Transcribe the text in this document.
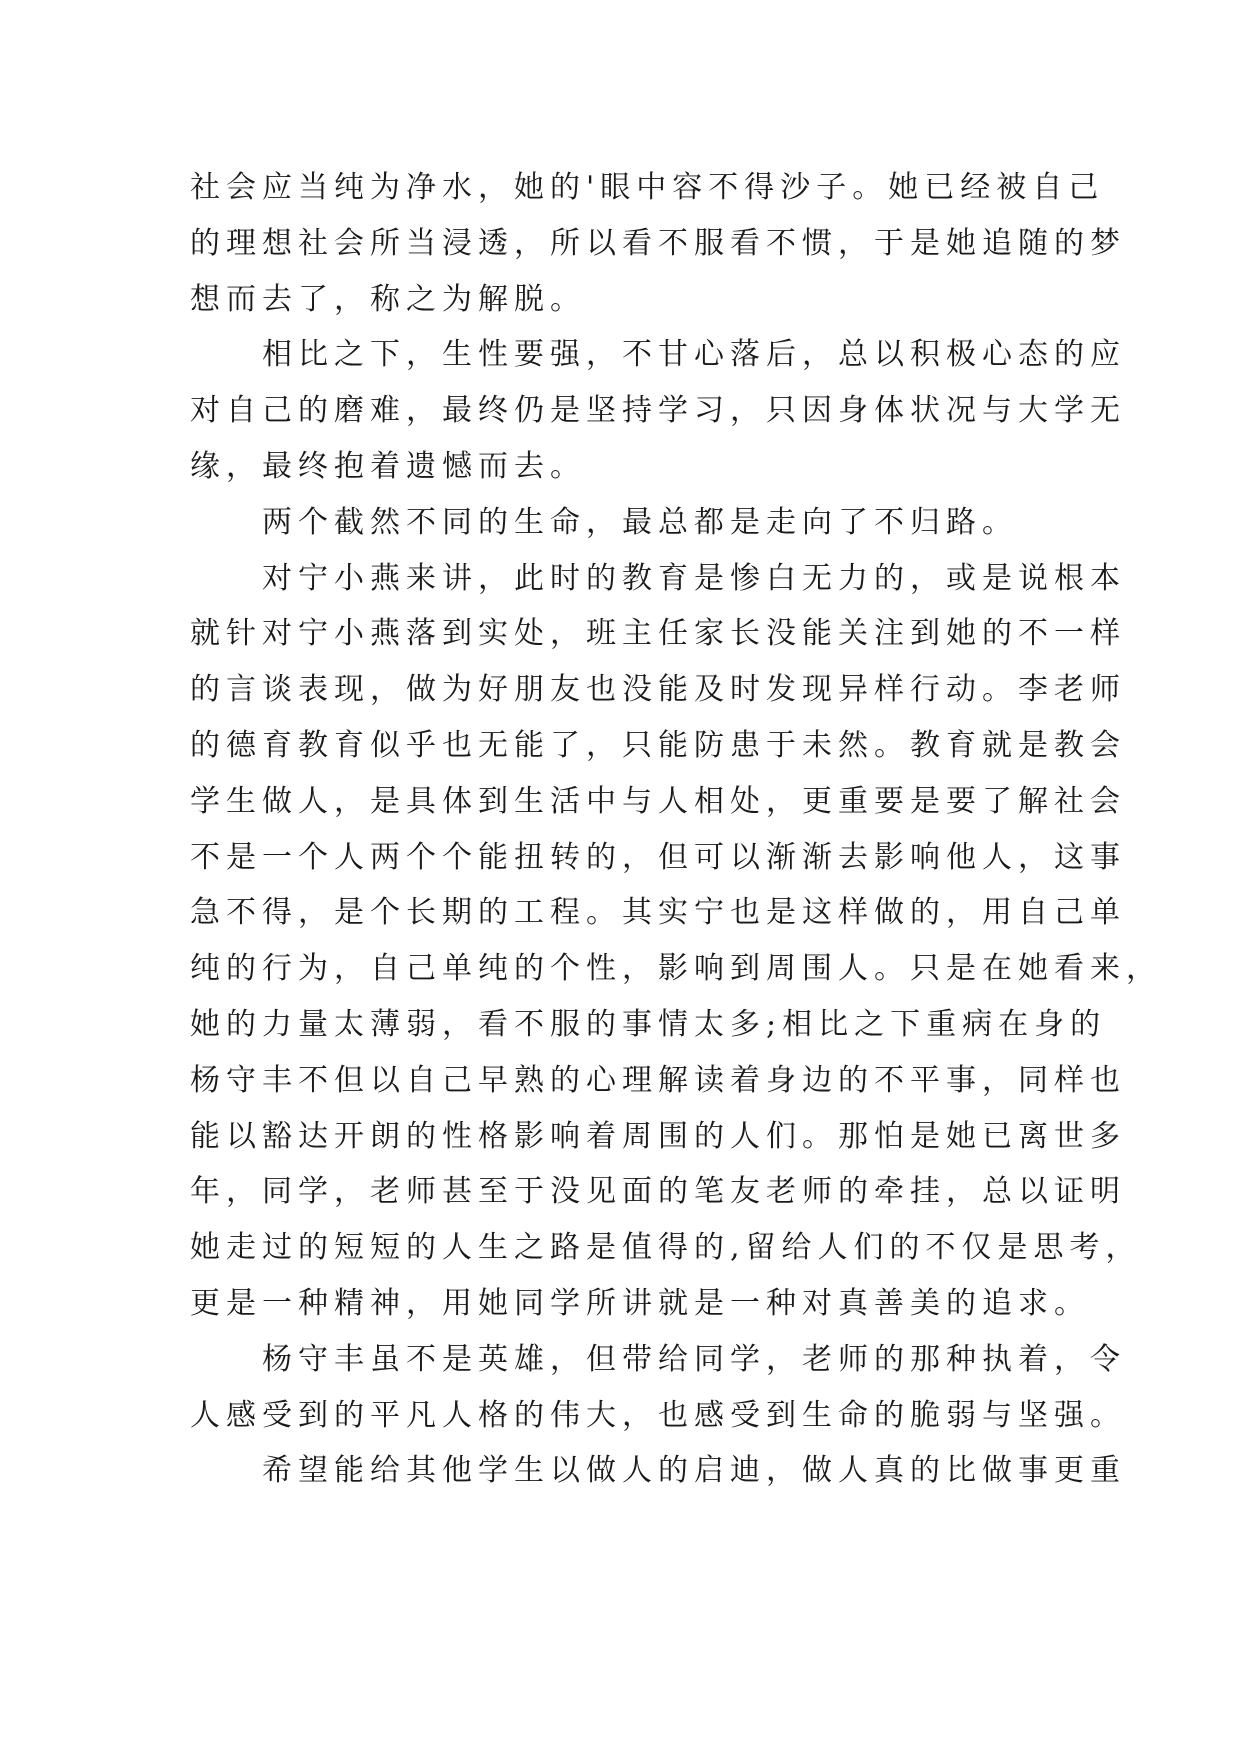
社会应当纯为净水，她的'眼中容不得沙子。她已经被自己
的理想社会所当浸透，所以看不服看不惯，于是她追随的梦
想而去了，称之为解脱。
　　相比之下，生性要强，不甘心落后，总以积极心态的应
对自己的磨难，最终仍是坚持学习，只因身体状况与大学无
缘，最终抱着遗憾而去。
　　两个截然不同的生命，最总都是走向了不归路。
　　对宁小燕来讲，此时的教育是惨白无力的，或是说根本
就针对宁小燕落到实处，班主任家长没能关注到她的不一样
的言谈表现，做为好朋友也没能及时发现异样行动。李老师
的德育教育似乎也无能了，只能防患于未然。教育就是教会
学生做人，是具体到生活中与人相处，更重要是要了解社会
不是一个人两个个能扭转的，但可以渐渐去影响他人，这事
急不得，是个长期的工程。其实宁也是这样做的，用自己单
纯的行为，自己单纯的个性，影响到周围人。只是在她看来，
她的力量太薄弱，看不服的事情太多;相比之下重病在身的
杨守丰不但以自己早熟的心理解读着身边的不平事，同样也
能以豁达开朗的性格影响着周围的人们。那怕是她已离世多
年，同学，老师甚至于没见面的笔友老师的牵挂，总以证明
她走过的短短的人生之路是值得的,留给人们的不仅是思考，
更是一种精神，用她同学所讲就是一种对真善美的追求。
　　杨守丰虽不是英雄，但带给同学，老师的那种执着，令
人感受到的平凡人格的伟大，也感受到生命的脆弱与坚强。
　　希望能给其他学生以做人的启迪，做人真的比做事更重
